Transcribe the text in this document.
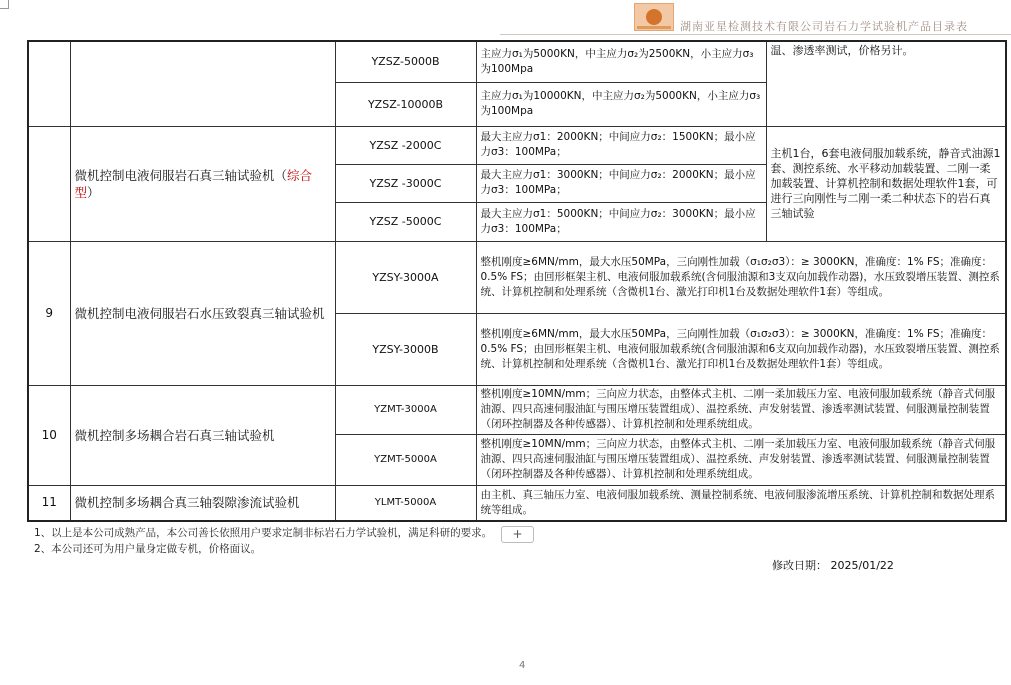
湖南亚星检测技术有限公司岩石力学试验机产品目录表
		YZSZ-5000B	主应力σ₁为5000KN，中主应力σ₂为2500KN，小主应力σ₃为100Mpa	温、渗透率测试，价格另计。
		YZSZ-10000B	主应力σ₁为10000KN，中主应力σ₂为5000KN，小主应力σ₃为100Mpa	
	微机控制电液伺服岩石真三轴试验机（综合型）	YZSZ -2000C	最大主应力σ1：2000KN；中间应力σ₂：1500KN；最小应力σ3：100MPa；	主机1台，6套电液伺服加载系统，静音式油源1套、测控系统、水平移动加载装置、二刚一柔加载装置、计算机控制和数据处理软件1套，可进行三向刚性与二刚一柔二种状态下的岩石真三轴试验
		YZSZ -3000C	最大主应力σ1：3000KN；中间应力σ₂：2000KN；最小应力σ3：100MPa；	
		YZSZ -5000C	最大主应力σ1：5000KN；中间应力σ₂：3000KN；最小应力σ3：100MPa；	
9	微机控制电液伺服岩石水压致裂真三轴试验机	YZSY-3000A	整机刚度≥6MN/mm，最大水压50MPa，三向刚性加载（σ₁σ₂σ3）：≥ 3000KN，准确度：1% FS；准确度：0.5% FS；由回形框架主机、电液伺服加载系统(含伺服油源和3支双向加载作动器)，水压致裂增压装置、测控系统、计算机控制和处理系统（含微机1台、激光打印机1台及数据处理软件1套）等组成。	
		YZSY-3000B	整机刚度≥6MN/mm，最大水压50MPa，三向刚性加载（σ₁σ₂σ3）：≥ 3000KN，准确度：1% FS；准确度：0.5% FS；由回形框架主机、电液伺服加载系统(含伺服油源和6支双向加载作动器)，水压致裂增压装置、测控系统、计算机控制和处理系统（含微机1台、激光打印机1台及数据处理软件1套）等组成。	
10	微机控制多场耦合岩石真三轴试验机	YZMT-3000A	整机刚度≥10MN/mm；三向应力状态，由整体式主机、二刚一柔加载压力室、电液伺服加载系统（静音式伺服油源、四只高速伺服油缸与围压增压装置组成）、温控系统、声发射装置、渗透率测试装置、伺服测量控制装置（闭环控制器及各种传感器）、计算机控制和处理系统组成。	
		YZMT-5000A	整机刚度≥10MN/mm；三向应力状态，由整体式主机、二刚一柔加载压力室、电液伺服加载系统（静音式伺服油源、四只高速伺服油缸与围压增压装置组成）、温控系统、声发射装置、渗透率测试装置、伺服测量控制装置（闭环控制器及各种传感器）、计算机控制和处理系统组成。	
11	微机控制多场耦合真三轴裂隙渗流试验机	YLMT-5000A	由主机、真三轴压力室、电液伺服加载系统、测量控制系统、电液伺服渗流增压系统、计算机控制和数据处理系统等组成。	
1、以上是本公司成熟产品，本公司善长依照用户要求定制非标岩石力学试验机，满足科研的要求。
2、本公司还可为用户量身定做专机，价格面议。
+
修改日期： 2025/01/22
4
